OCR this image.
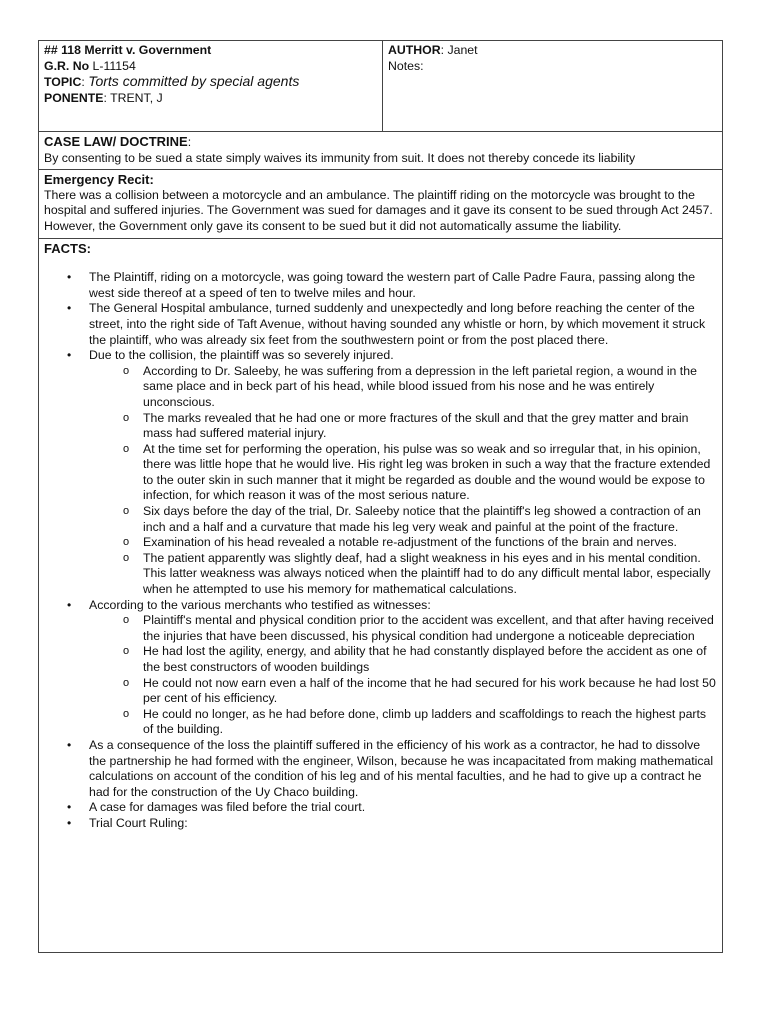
## 118 Merritt v. Government
G.R. No L-11154
TOPIC: Torts committed by special agents
PONENTE: TRENT, J

AUTHOR: Janet
Notes:

CASE LAW/ DOCTRINE:
By consenting to be sued a state simply waives its immunity from suit. It does not thereby concede its liability

Emergency Recit:
There was a collision between a motorcycle and an ambulance. The plaintiff riding on the motorcycle was brought to the hospital and suffered injuries. The Government was sued for damages and it gave its consent to be sued through Act 2457. However, the Government only gave its consent to be sued but it did not automatically assume the liability.

FACTS:
• The Plaintiff, riding on a motorcycle, was going toward the western part of Calle Padre Faura, passing along the west side thereof at a speed of ten to twelve miles and hour.
• The General Hospital ambulance, turned suddenly and unexpectedly and long before reaching the center of the street, into the right side of Taft Avenue, without having sounded any whistle or horn, by which movement it struck the plaintiff, who was already six feet from the southwestern point or from the post placed there.
• Due to the collision, the plaintiff was so severely injured.
o According to Dr. Saleeby, he was suffering from a depression in the left parietal region, a wound in the same place and in beck part of his head, while blood issued from his nose and he was entirely unconscious.
o The marks revealed that he had one or more fractures of the skull and that the grey matter and brain mass had suffered material injury.
o At the time set for performing the operation, his pulse was so weak and so irregular that, in his opinion, there was little hope that he would live. His right leg was broken in such a way that the fracture extended to the outer skin in such manner that it might be regarded as double and the wound would be expose to infection, for which reason it was of the most serious nature.
o Six days before the day of the trial, Dr. Saleeby notice that the plaintiff's leg showed a contraction of an inch and a half and a curvature that made his leg very weak and painful at the point of the fracture.
o Examination of his head revealed a notable re-adjustment of the functions of the brain and nerves.
o The patient apparently was slightly deaf, had a slight weakness in his eyes and in his mental condition. This latter weakness was always noticed when the plaintiff had to do any difficult mental labor, especially when he attempted to use his memory for mathematical calculations.
• According to the various merchants who testified as witnesses:
o Plaintiff's mental and physical condition prior to the accident was excellent, and that after having received the injuries that have been discussed, his physical condition had undergone a noticeable depreciation
o He had lost the agility, energy, and ability that he had constantly displayed before the accident as one of the best constructors of wooden buildings
o He could not now earn even a half of the income that he had secured for his work because he had lost 50 per cent of his efficiency.
o He could no longer, as he had before done, climb up ladders and scaffoldings to reach the highest parts of the building.
• As a consequence of the loss the plaintiff suffered in the efficiency of his work as a contractor, he had to dissolve the partnership he had formed with the engineer, Wilson, because he was incapacitated from making mathematical calculations on account of the condition of his leg and of his mental faculties, and he had to give up a contract he had for the construction of the Uy Chaco building.
• A case for damages was filed before the trial court.
• Trial Court Ruling:
